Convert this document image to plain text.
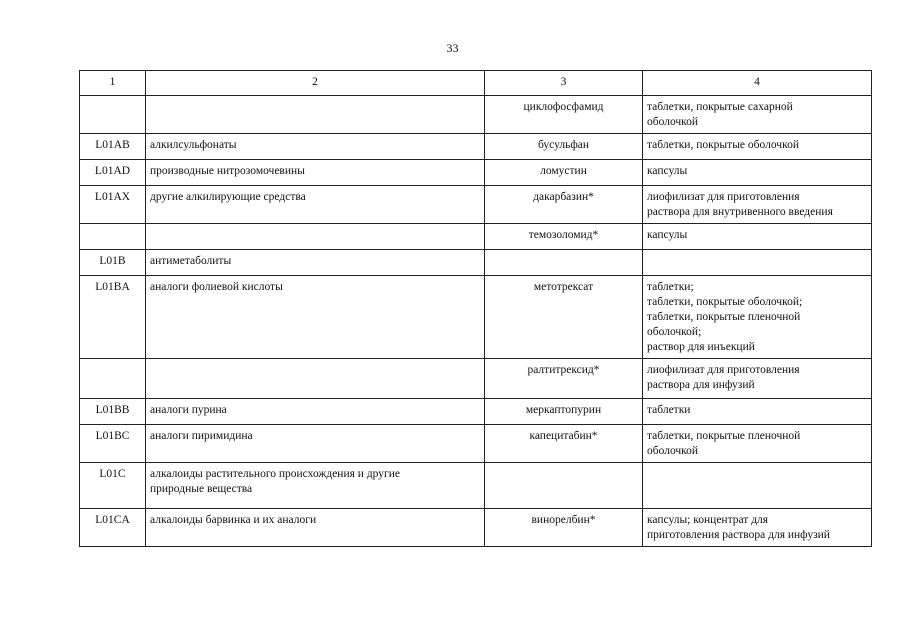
33
1	2	3	4
		циклофосфамид	таблетки, покрытые сахарной
оболочкой

L01AB	алкилсульфонаты	бусульфан	таблетки, покрытые оболочкой

L01AD	производные нитрозомочевины	ломустин	капсулы

L01AX	другие алкилирующие средства	дакарбазин*	лиофилизат для приготовления
раствора для внутривенного введения

		темозоломид*	капсулы

L01B	антиметаболиты		

L01BA	аналоги фолиевой кислоты	метотрексат	таблетки;
таблетки, покрытые оболочкой;
таблетки, покрытые пленочной
оболочкой;
раствор для инъекций

		ралтитрексид*	лиофилизат для приготовления
раствора для инфузий

L01BB	аналоги пурина	меркаптопурин	таблетки

L01BC	аналоги пиримидина	капецитабин*	таблетки, покрытые пленочной
оболочкой

L01C	алкалоиды растительного происхождения и другие
природные вещества		

L01CA	алкалоиды барвинка и их аналоги	винорелбин*	капсулы; концентрат для
приготовления раствора для инфузий
